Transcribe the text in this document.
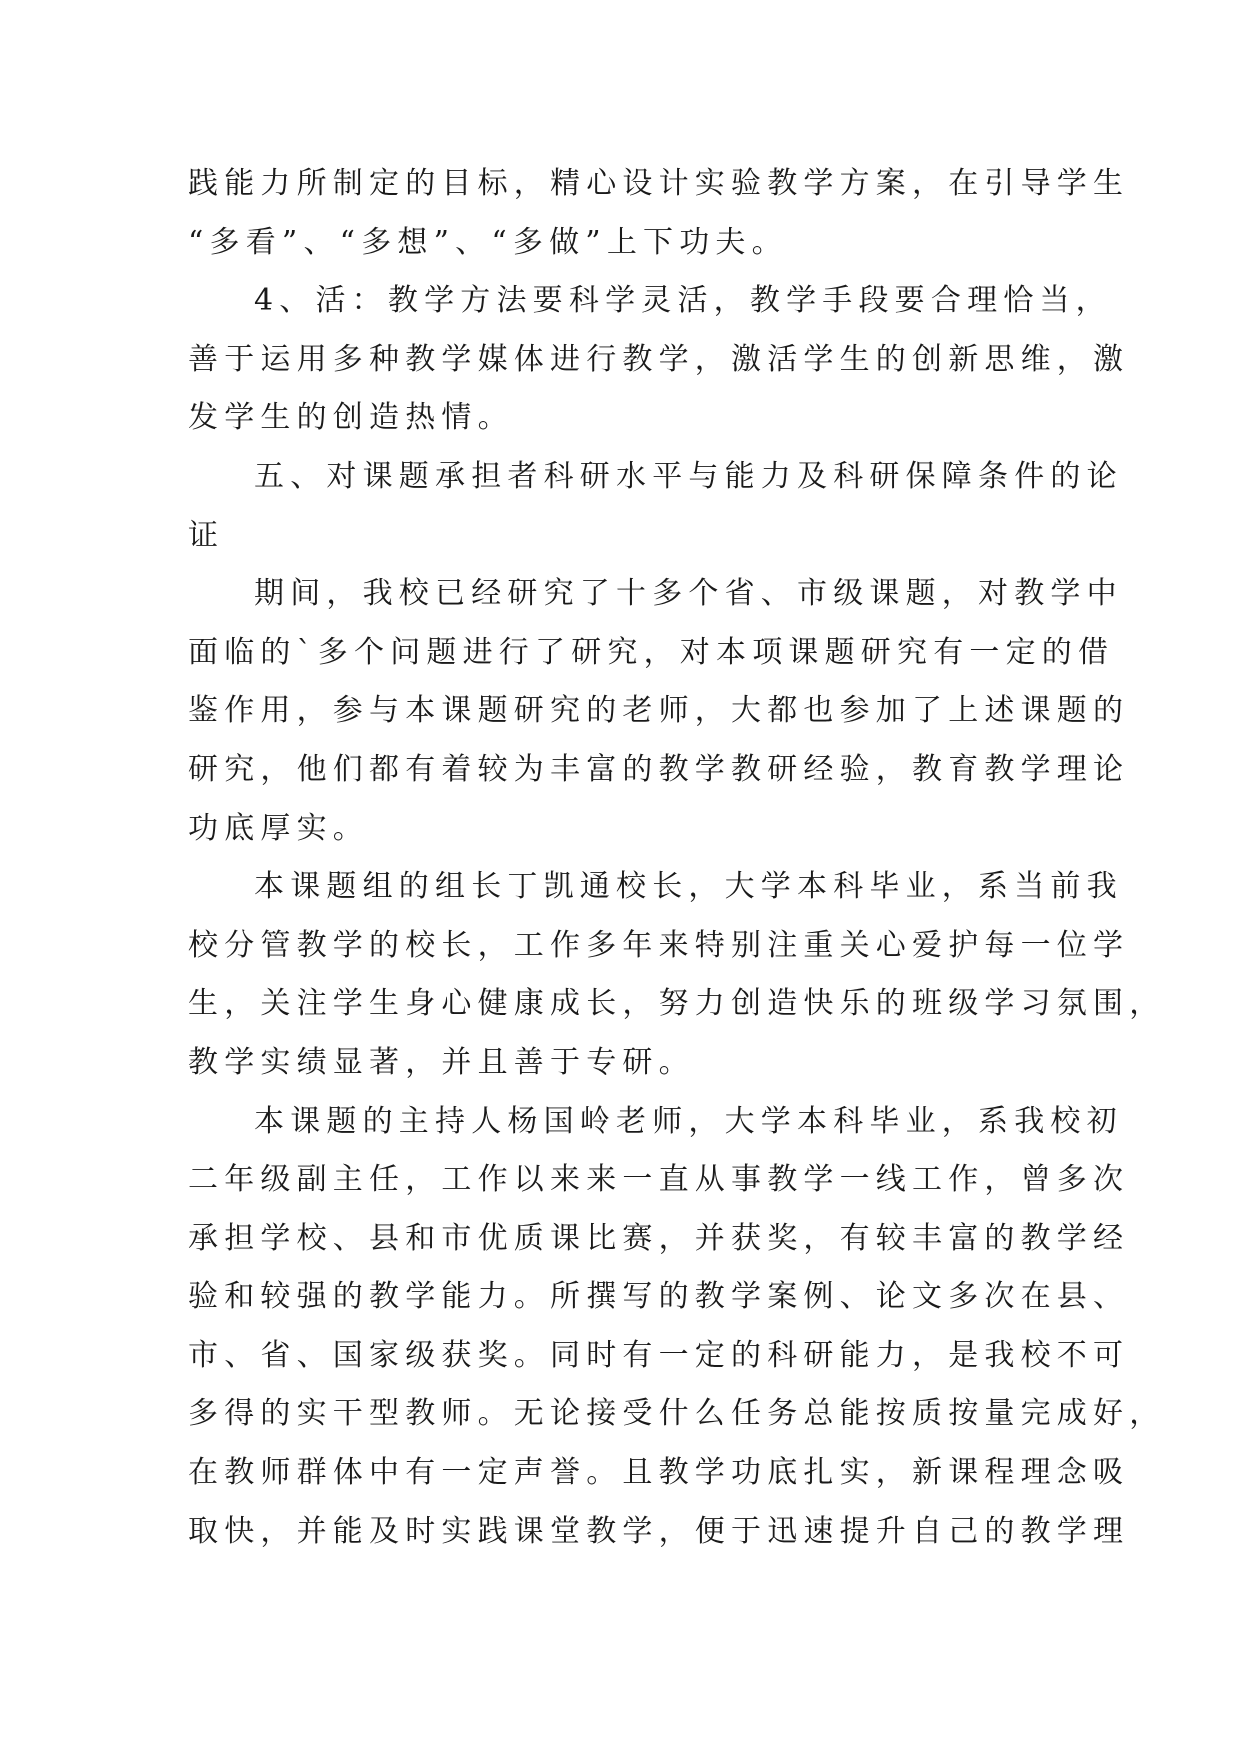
践能力所制定的目标，精心设计实验教学方案，在引导学生
“多看”、“多想”、“多做”上下功夫。
4、活：教学方法要科学灵活，教学手段要合理恰当，
善于运用多种教学媒体进行教学，激活学生的创新思维，激
发学生的创造热情。
五、对课题承担者科研水平与能力及科研保障条件的论
证
期间，我校已经研究了十多个省、市级课题，对教学中
面临的`多个问题进行了研究，对本项课题研究有一定的借
鉴作用，参与本课题研究的老师，大都也参加了上述课题的
研究，他们都有着较为丰富的教学教研经验，教育教学理论
功底厚实。
本课题组的组长丁凯通校长，大学本科毕业，系当前我
校分管教学的校长，工作多年来特别注重关心爱护每一位学
生，关注学生身心健康成长，努力创造快乐的班级学习氛围，
教学实绩显著，并且善于专研。
本课题的主持人杨国岭老师，大学本科毕业，系我校初
二年级副主任，工作以来来一直从事教学一线工作，曾多次
承担学校、县和市优质课比赛，并获奖，有较丰富的教学经
验和较强的教学能力。所撰写的教学案例、论文多次在县、
市、省、国家级获奖。同时有一定的科研能力，是我校不可
多得的实干型教师。无论接受什么任务总能按质按量完成好，
在教师群体中有一定声誉。且教学功底扎实，新课程理念吸
取快，并能及时实践课堂教学，便于迅速提升自己的教学理
